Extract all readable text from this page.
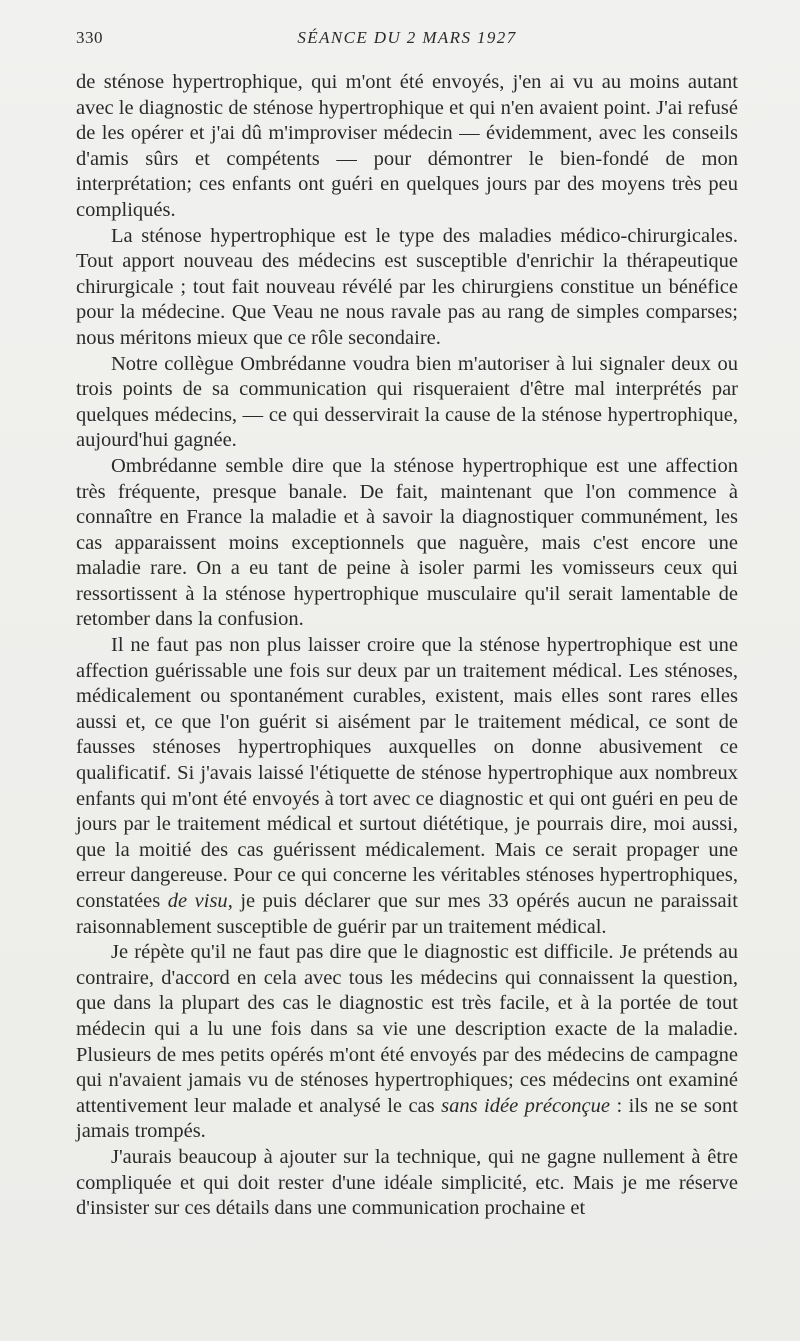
330	SÉANCE DU 2 MARS 1927

de sténose hypertrophique, qui m'ont été envoyés, j'en ai vu au moins autant avec le diagnostic de sténose hypertrophique et qui n'en avaient point. J'ai refusé de les opérer et j'ai dû m'improviser médecin — évidemment, avec les conseils d'amis sûrs et compétents — pour démontrer le bien-fondé de mon interprétation; ces enfants ont guéri en quelques jours par des moyens très peu compliqués.

La sténose hypertrophique est le type des maladies médico-chirurgicales. Tout apport nouveau des médecins est susceptible d'enrichir la thérapeutique chirurgicale ; tout fait nouveau révélé par les chirurgiens constitue un bénéfice pour la médecine. Que Veau ne nous ravale pas au rang de simples comparses; nous méritons mieux que ce rôle secondaire.

Notre collègue Ombrédanne voudra bien m'autoriser à lui signaler deux ou trois points de sa communication qui risqueraient d'être mal interprétés par quelques médecins, — ce qui desservirait la cause de la sténose hypertrophique, aujourd'hui gagnée.

Ombrédanne semble dire que la sténose hypertrophique est une affection très fréquente, presque banale. De fait, maintenant que l'on commence à connaître en France la maladie et à savoir la diagnostiquer communément, les cas apparaissent moins exceptionnels que naguère, mais c'est encore une maladie rare. On a eu tant de peine à isoler parmi les vomisseurs ceux qui ressortissent à la sténose hypertrophique musculaire qu'il serait lamentable de retomber dans la confusion.

Il ne faut pas non plus laisser croire que la sténose hypertrophique est une affection guérissable une fois sur deux par un traitement médical. Les sténoses, médicalement ou spontanément curables, existent, mais elles sont rares elles aussi et, ce que l'on guérit si aisément par le traitement médical, ce sont de fausses sténoses hypertrophiques auxquelles on donne abusivement ce qualificatif. Si j'avais laissé l'étiquette de sténose hypertrophique aux nombreux enfants qui m'ont été envoyés à tort avec ce diagnostic et qui ont guéri en peu de jours par le traitement médical et surtout diététique, je pourrais dire, moi aussi, que la moitié des cas guérissent médicalement. Mais ce serait propager une erreur dangereuse. Pour ce qui concerne les véritables sténoses hypertrophiques, constatées de visu, je puis déclarer que sur mes 33 opérés aucun ne paraissait raisonnablement susceptible de guérir par un traitement médical.

Je répète qu'il ne faut pas dire que le diagnostic est difficile. Je prétends au contraire, d'accord en cela avec tous les médecins qui connaissent la question, que dans la plupart des cas le diagnostic est très facile, et à la portée de tout médecin qui a lu une fois dans sa vie une description exacte de la maladie. Plusieurs de mes petits opérés m'ont été envoyés par des médecins de campagne qui n'avaient jamais vu de sténoses hypertrophiques; ces médecins ont examiné attentivement leur malade et analysé le cas sans idée préconçue : ils ne se sont jamais trompés.

J'aurais beaucoup à ajouter sur la technique, qui ne gagne nullement à être compliquée et qui doit rester d'une idéale simplicité, etc. Mais je me réserve d'insister sur ces détails dans une communication prochaine et
